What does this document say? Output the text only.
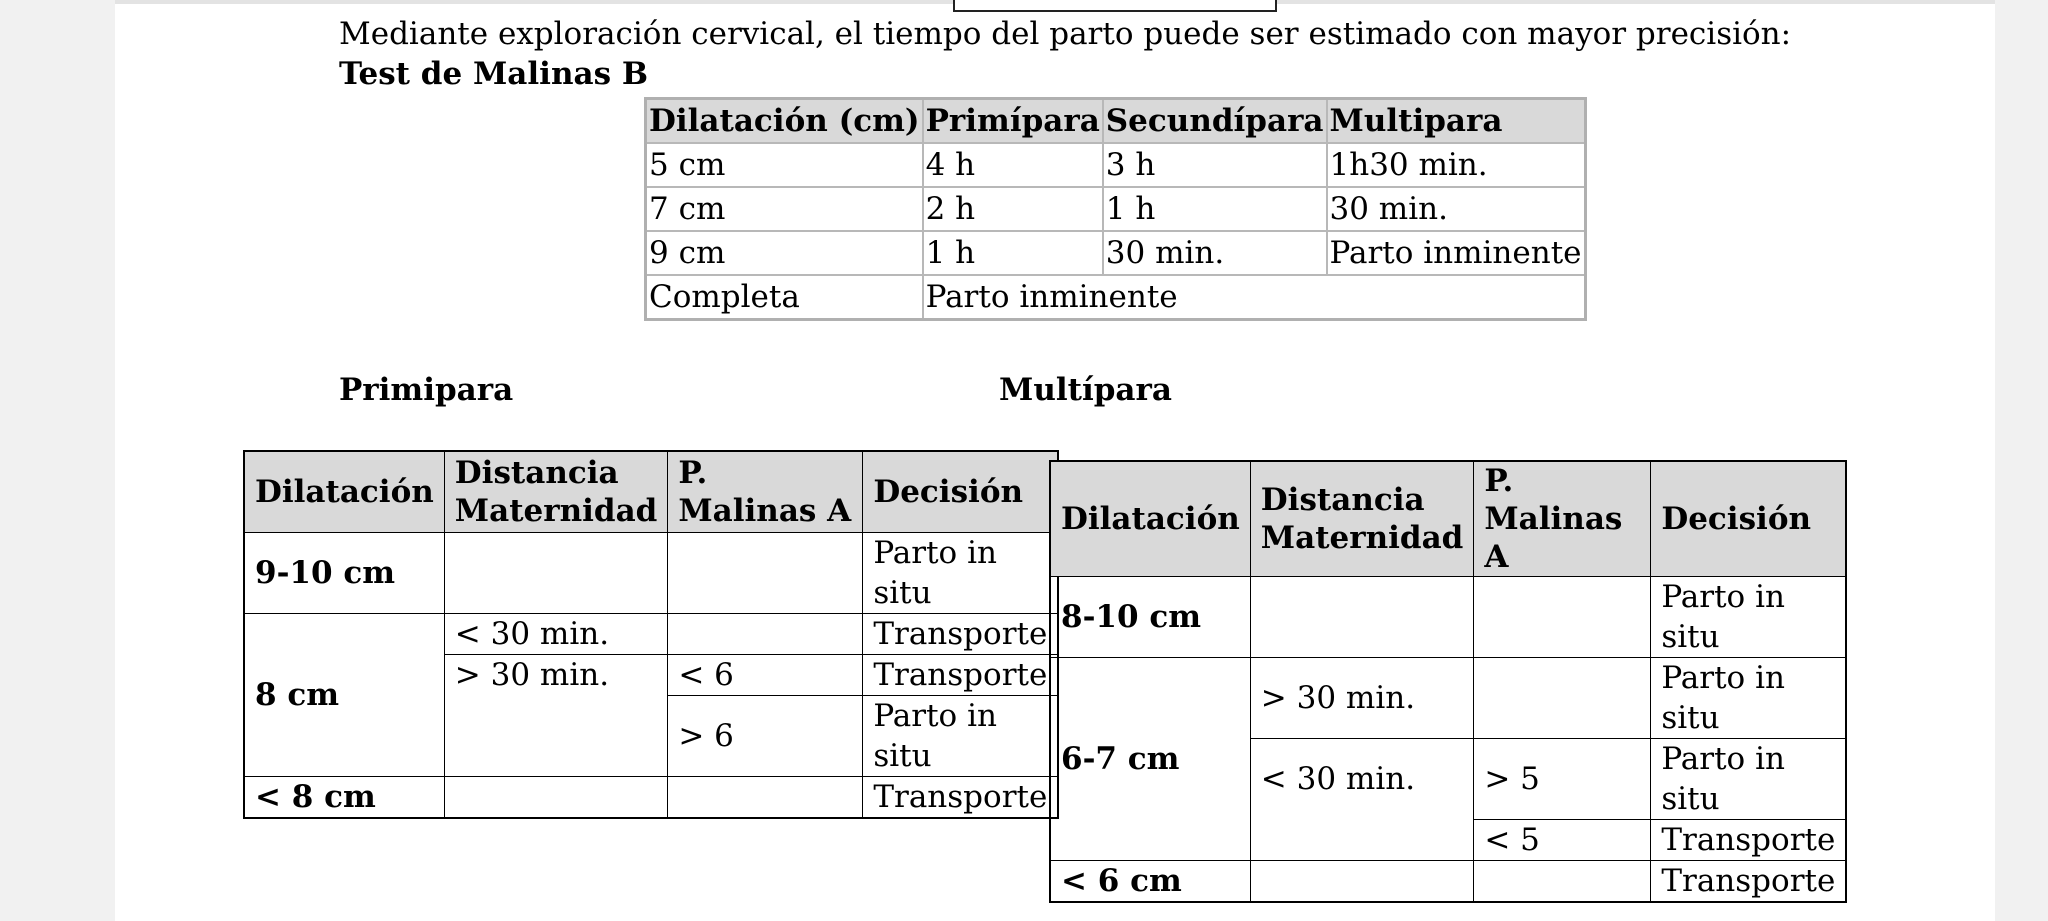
Mediante exploración cervical, el tiempo del parto puede ser estimado con mayor precisión:
Test de Malinas B
Dilatación (cm)	Primípara	Secundípara	Multipara
5 cm	4 h	3 h	1h30 min.
7 cm	2 h	1 h	30 min.
9 cm	1 h	30 min.	Parto inminente
Completa	Parto inminente		
Primipara	Multípara
Dilatación	Distancia Maternidad	P. Malinas A	Decisión
9-10 cm			Parto in situ
8 cm	< 30 min.		Transporte
	> 30 min.	< 6	Transporte
		> 6	Parto in situ
< 8 cm			Transporte
Dilatación	Distancia Maternidad	P. Malinas A	Decisión
8-10 cm			Parto in situ
6-7 cm	> 30 min.		Parto in situ
	< 30 min.	> 5	Parto in situ
		< 5	Transporte
< 6 cm			Transporte
